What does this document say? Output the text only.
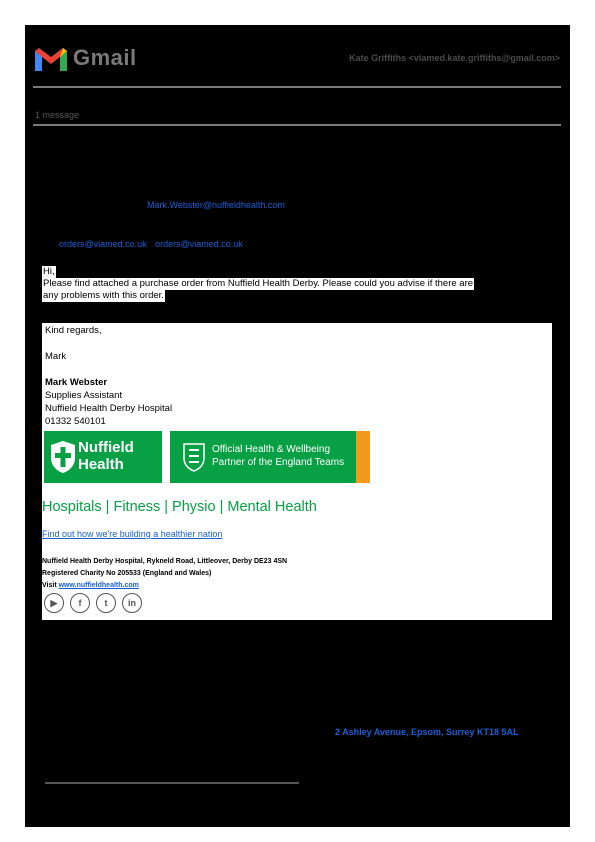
Gmail	Kate Griffiths <viamed.kate.griffiths@gmail.com>
1 message
Mark.Webster@nuffieldhealth.com
orders@viamed.co.uk orders@viamed.co.uk
Hi,
Please find attached a purchase order from Nuffield Health Derby. Please could you advise if there are
any problems with this order.
Kind regards,
Mark
Mark Webster
Supplies Assistant
Nuffield Health Derby Hospital
01332 540101
Nuffield Health
Official Health & Wellbeing
Partner of the England Teams
Hospitals | Fitness | Physio | Mental Health
Find out how we're building a healthier nation
Nuffield Health Derby Hospital, Rykneld Road, Littleover, Derby DE23 4SN
Registered Charity No 205533 (England and Wales)
Visit www.nuffieldhealth.com
▶	f	t	in
2 Ashley Avenue, Epsom, Surrey KT18 5AL
